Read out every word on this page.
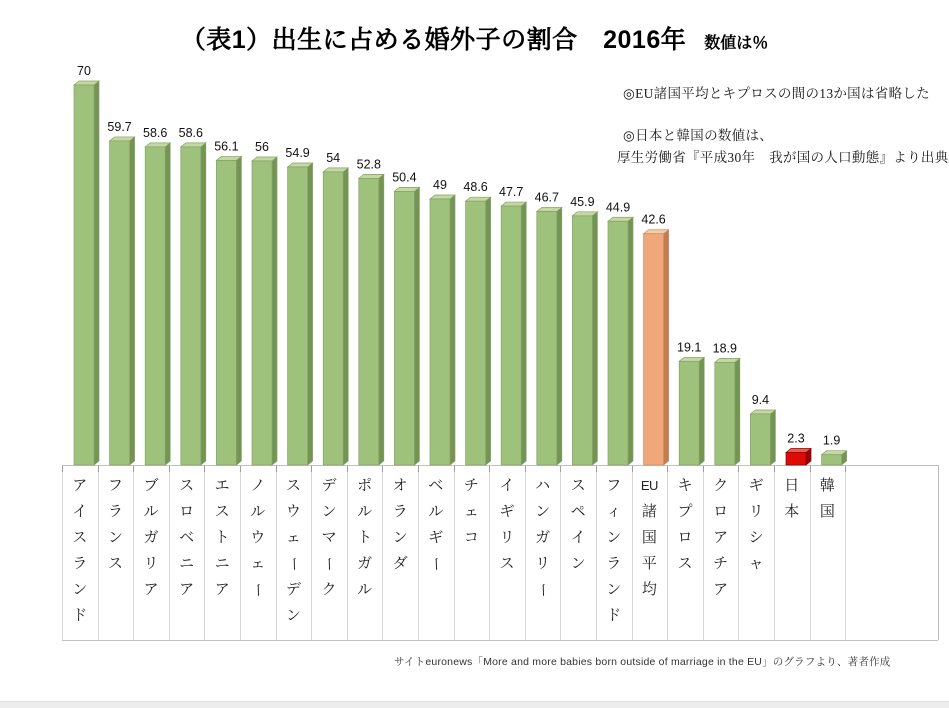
（表1）出生に占める婚外子の割合　2016年 数値は％
◎EU諸国平均とキプロスの間の13か国は省略した
◎日本と韓国の数値は、
厚生労働省『平成30年　我が国の人口動態』より出典
70
59.7 58.6 58.6
56.1 56 54.9 54 52.8
50.4
49 48.6 47.7 46.7 45.9 44.9
42.6
19.1 18.9
9.4
2.3 1.9
ア
イ
ス
ラ
ン
ド
フ
ラ
ン
ス
ブ
ル
ガ
リ
ア
ス
ロ
ベ
ニ
ア
エ
ス
ト
ニ
ア
ノ
ル
ウ
ェ
ー
ス
ウ
ェ
ー
デ
ン
デ
ン
マ
ー
ク
ポ
ル
ト
ガ
ル
オ
ラ
ン
ダ
ベ
ル
ギ
ー
チ
ェ
コ
イ
ギ
リ
ス
ハ
ン
ガ
リ
ー
ス
ペ
イ
ン
フ
ィ
ン
ラ
ン
ド
EU
諸
国
平
均
キ
プ
ロ
ス
ク
ロ
ア
チ
ア
ギ
リ
シ
ャ
日
本
韓
国
サイトeuronews「More and more babies born outside of marriage in the EU」のグラフより、著者作成
